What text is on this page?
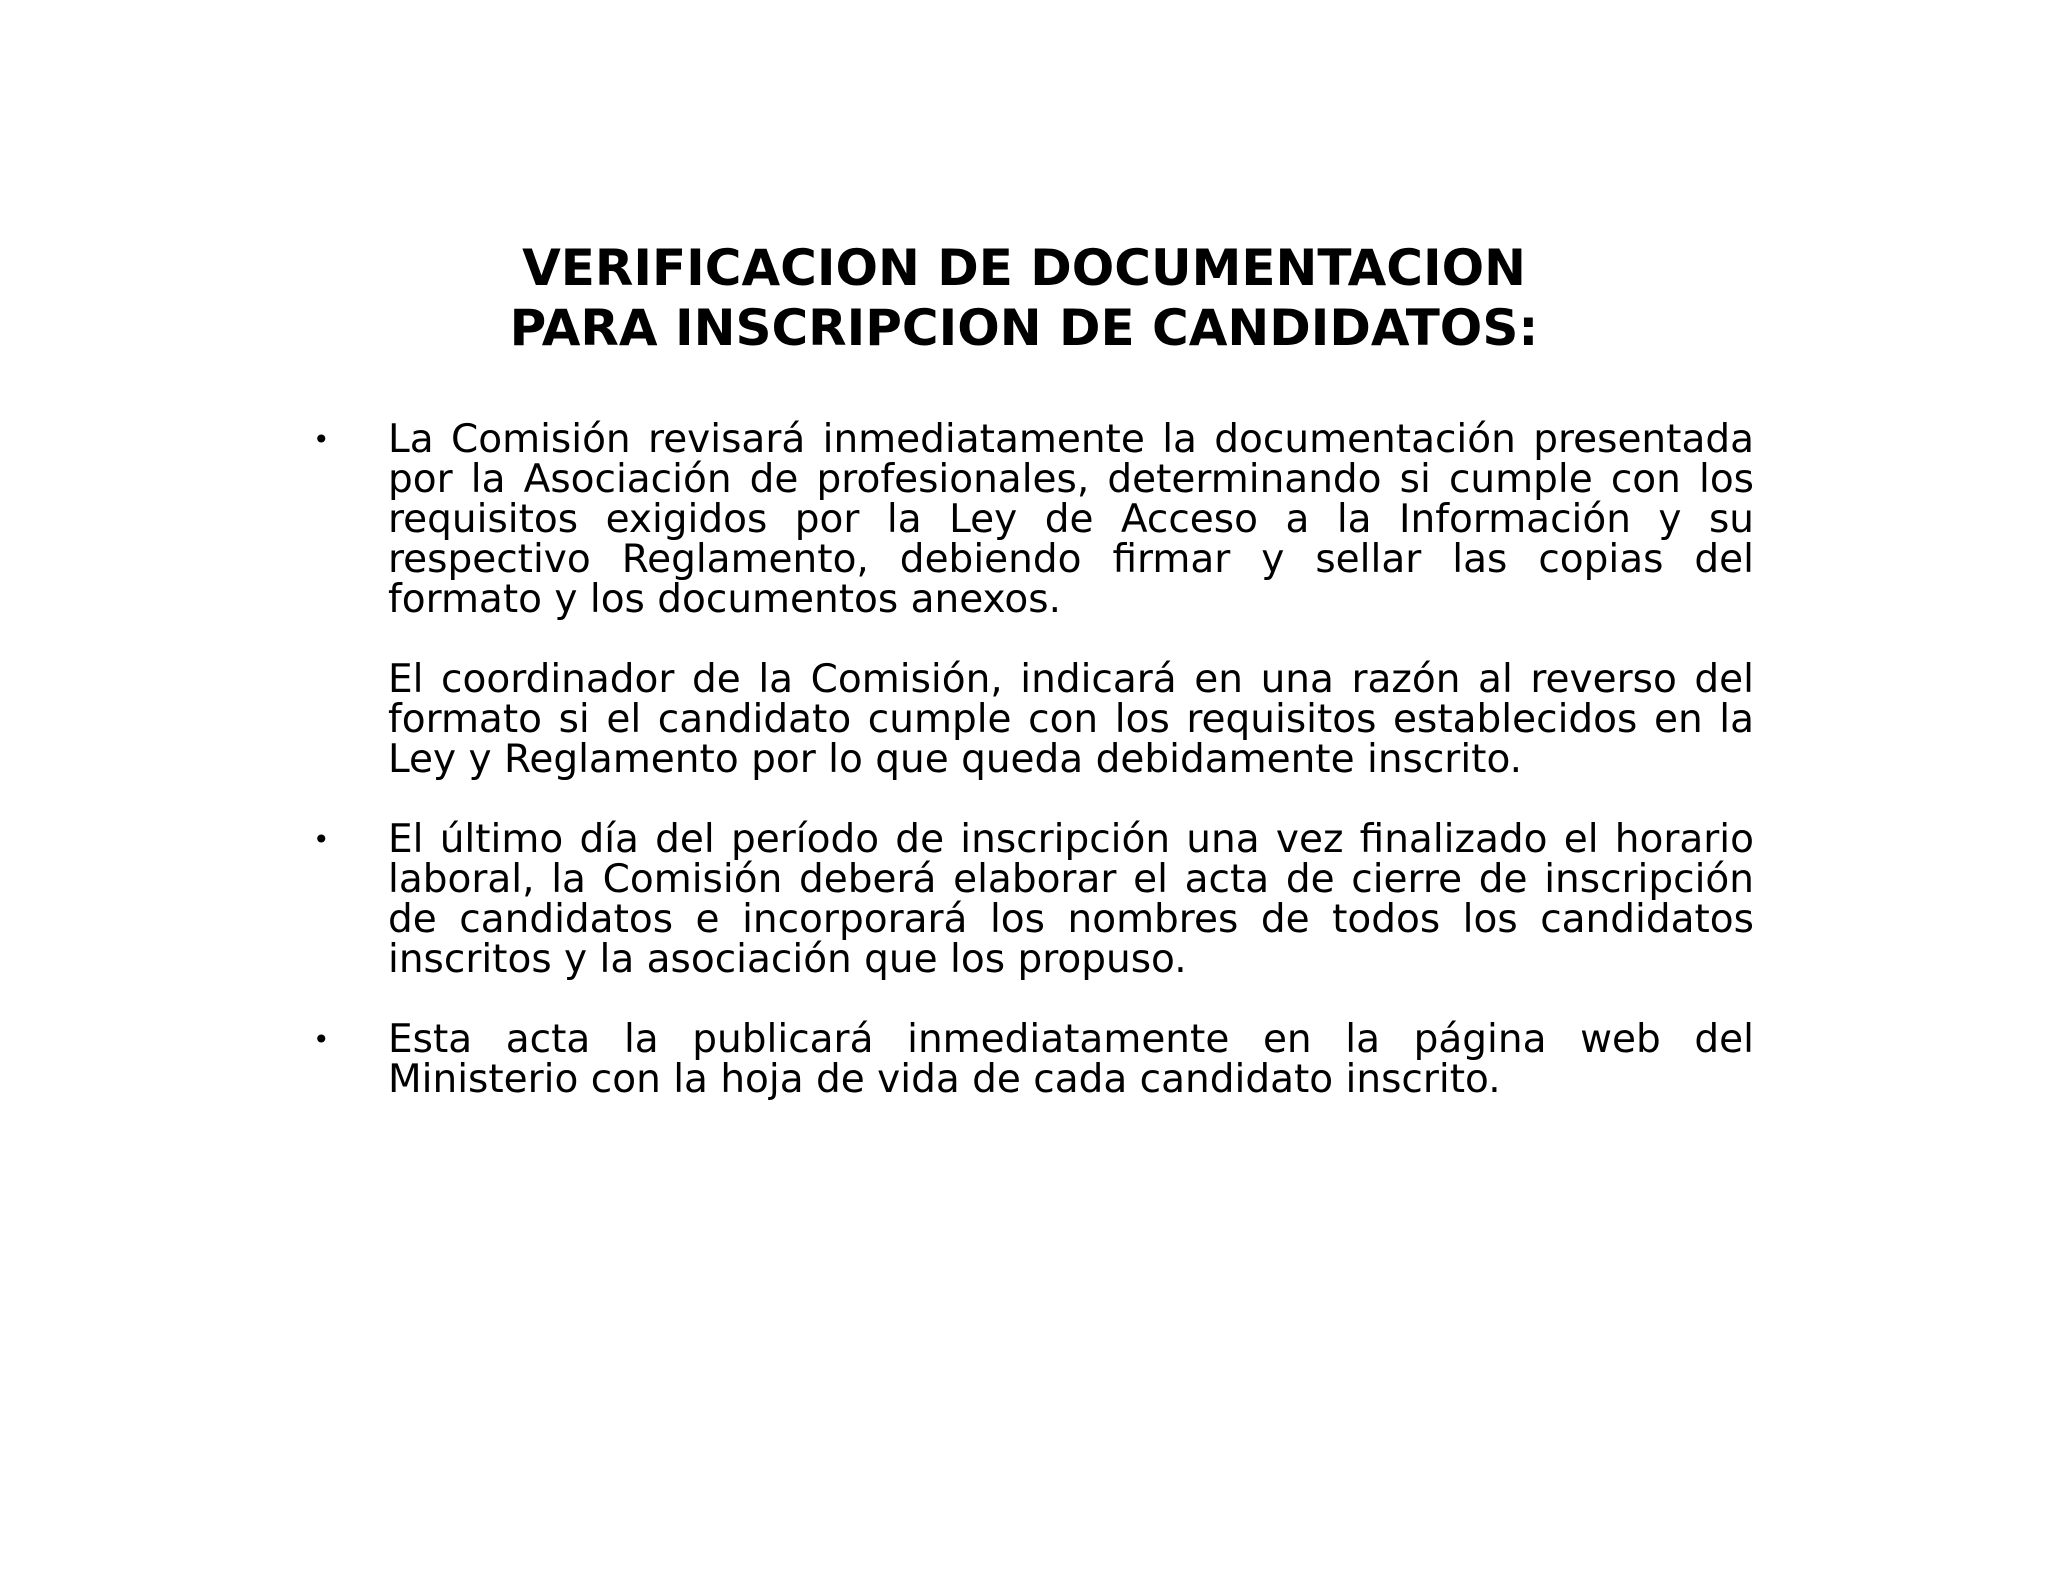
VERIFICACION DE DOCUMENTACION
PARA INSCRIPCION DE CANDIDATOS:

• La Comisión revisará inmediatamente la documentación presentada por la Asociación de profesionales, determinando si cumple con los requisitos exigidos por la Ley de Acceso a la Información y su respectivo Reglamento, debiendo firmar y sellar las copias del formato y los documentos anexos.

El coordinador de la Comisión, indicará en una razón al reverso del formato si el candidato cumple con los requisitos establecidos en la Ley y Reglamento por lo que queda debidamente inscrito.

• El último día del período de inscripción una vez finalizado el horario laboral, la Comisión deberá elaborar el acta de cierre de inscripción de candidatos e incorporará los nombres de todos los candidatos inscritos y la asociación que los propuso.

• Esta acta la publicará inmediatamente en la página web del Ministerio con la hoja de vida de cada candidato inscrito.
